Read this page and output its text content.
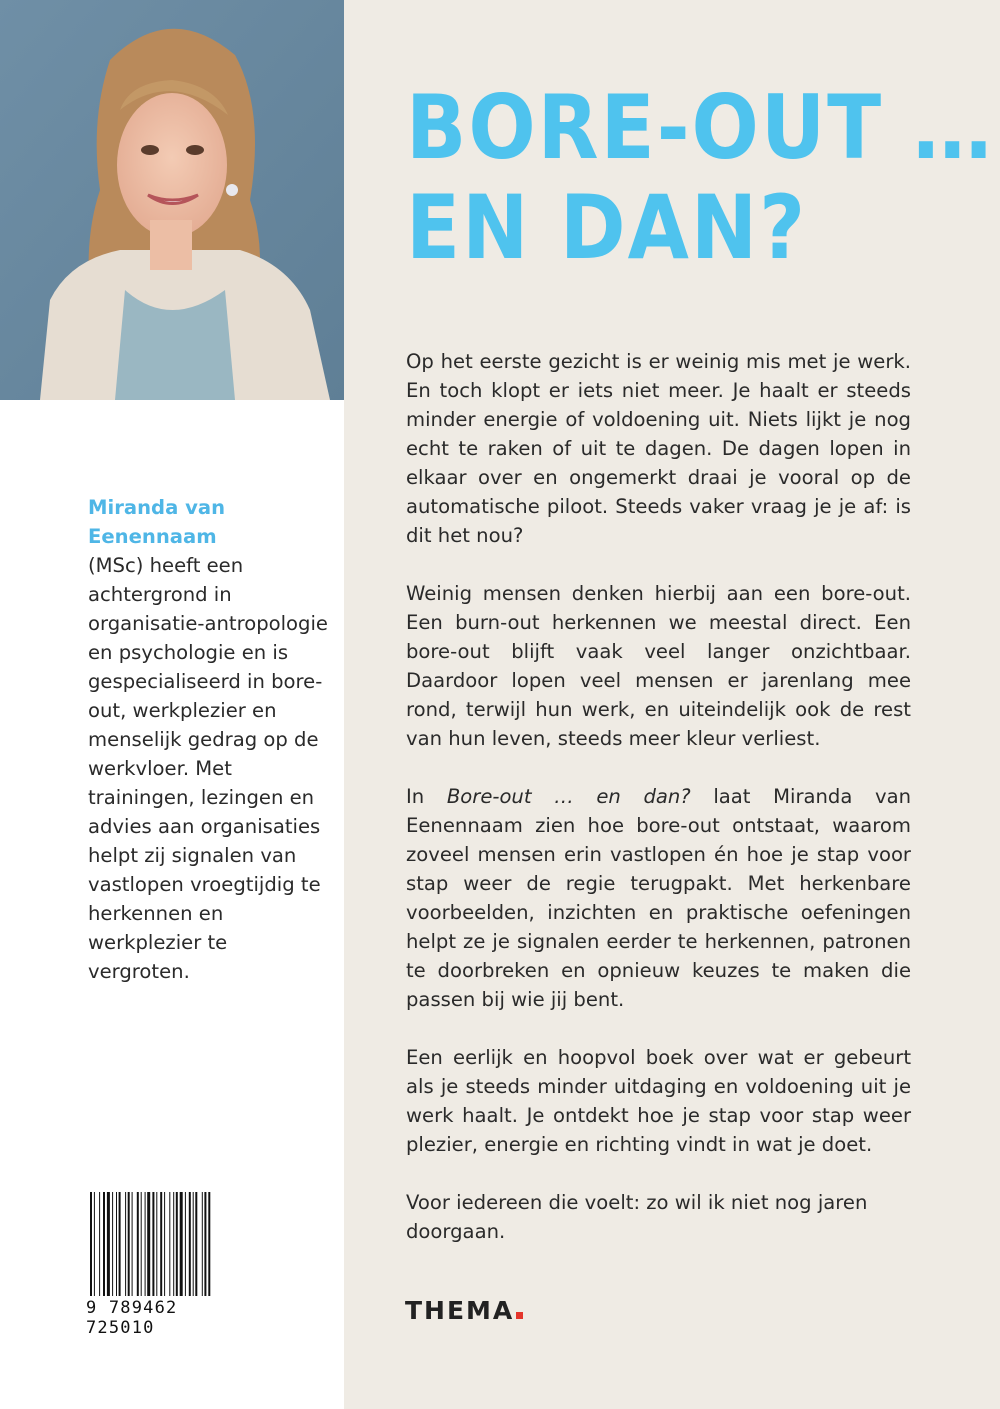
Miranda van Eenennaam
(MSc) heeft een achtergrond in organisatie-antropologie en psychologie en is gespecialiseerd in bore-out, werkplezier en menselijk gedrag op de werkvloer. Met trainingen, lezingen en advies aan organisaties helpt zij signalen van vastlopen vroegtijdig te herkennen en werkplezier te vergroten.
9 789462 725010
BORE-OUT …
EN DAN?

Op het eerste gezicht is er weinig mis met je werk. En toch klopt er iets niet meer. Je haalt er steeds minder energie of voldoening uit. Niets lijkt je nog echt te raken of uit te dagen. De dagen lopen in elkaar over en ongemerkt draai je vooral op de automatische piloot. Steeds vaker vraag je je af: is dit het nou?

Weinig mensen denken hierbij aan een bore-out. Een burn-out herkennen we meestal direct. Een bore-out blijft vaak veel langer onzichtbaar. Daardoor lopen veel mensen er jarenlang mee rond, terwijl hun werk, en uiteindelijk ook de rest van hun leven, steeds meer kleur verliest.

In Bore-out … en dan? laat Miranda van Eenennaam zien hoe bore-out ontstaat, waarom zoveel mensen erin vastlopen én hoe je stap voor stap weer de regie terugpakt. Met herkenbare voorbeelden, inzichten en praktische oefeningen helpt ze je signalen eerder te herkennen, patronen te doorbreken en opnieuw keuzes te maken die passen bij wie jij bent.

Een eerlijk en hoopvol boek over wat er gebeurt als je steeds minder uitdaging en voldoening uit je werk haalt. Je ontdekt hoe je stap voor stap weer plezier, energie en richting vindt in wat je doet.

Voor iedereen die voelt: zo wil ik niet nog jaren doorgaan.

THEMA
